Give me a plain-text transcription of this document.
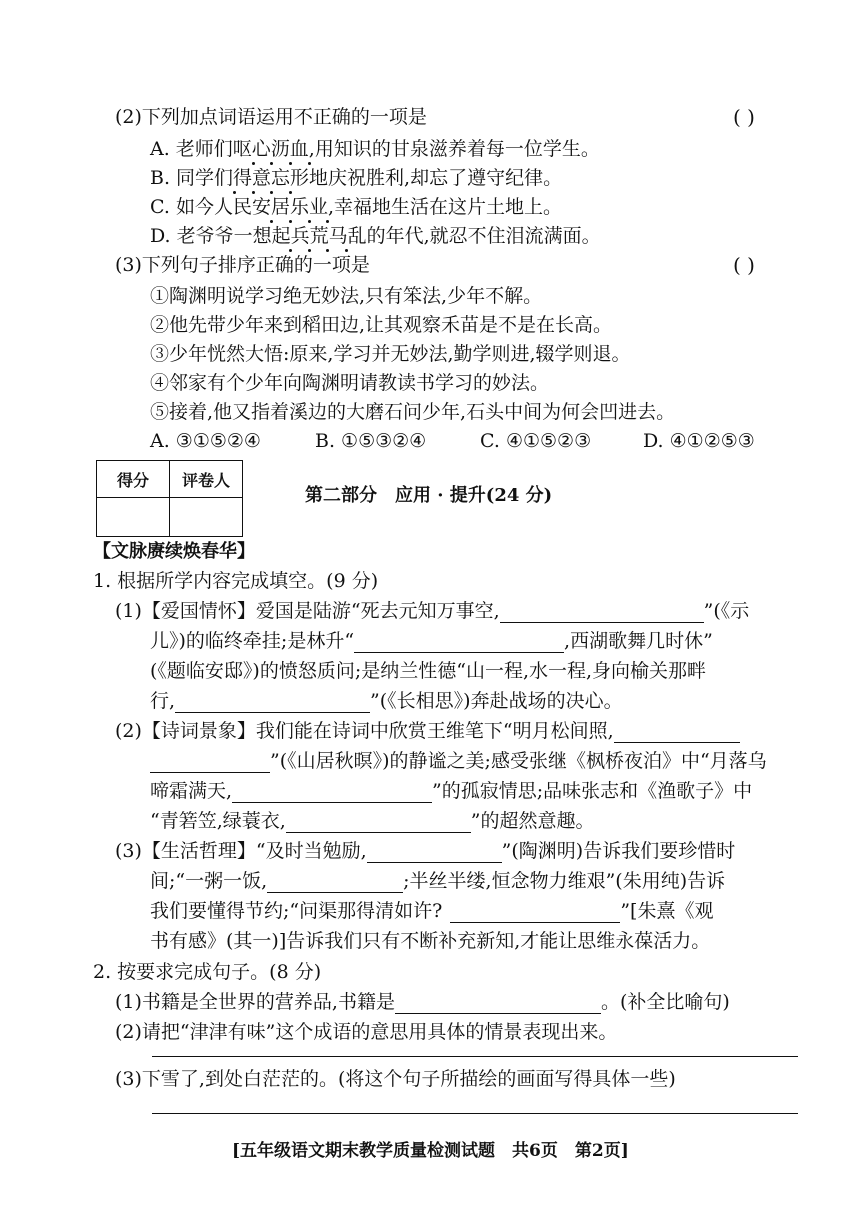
(2)下列加点词语运用不正确的一项是	( )
A. 老师们呕心沥血,用知识的甘泉滋养着每一位学生。
B. 同学们得意忘形地庆祝胜利,却忘了遵守纪律。
C. 如今人民安居乐业,幸福地生活在这片土地上。
D. 老爷爷一想起兵荒马乱的年代,就忍不住泪流满面。
(3)下列句子排序正确的一项是	( )
①陶渊明说学习绝无妙法,只有笨法,少年不解。
②他先带少年来到稻田边,让其观察禾苗是不是在长高。
③少年恍然大悟:原来,学习并无妙法,勤学则进,辍学则退。
④邻家有个少年向陶渊明请教读书学习的妙法。
⑤接着,他又指着溪边的大磨石问少年,石头中间为何会凹进去。
A. ③①⑤②④	B. ①⑤③②④	C. ④①⑤②③	D. ④①②⑤③
得分	评卷人

第二部分　应用 · 提升(24 分)
【文脉赓续焕春华】
1. 根据所学内容完成填空。(9 分)
(1)【爱国情怀】爱国是陆游“死去元知万事空,	”(《示
儿》)的临终牵挂;是林升“	,西湖歌舞几时休”
(《题临安邸》)的愤怒质问;是纳兰性德“山一程,水一程,身向榆关那畔
行,	”(《长相思》)奔赴战场的决心。
(2)【诗词景象】我们能在诗词中欣赏王维笔下“明月松间照,
”(《山居秋暝》)的静谧之美;感受张继《枫桥夜泊》中“月落乌
啼霜满天,	”的孤寂情思;品味张志和《渔歌子》中
“青箬笠,绿蓑衣,	”的超然意趣。
(3)【生活哲理】“及时当勉励,	”(陶渊明)告诉我们要珍惜时
间;“一粥一饭,	;半丝半缕,恒念物力维艰”(朱用纯)告诉
我们要懂得节约;“问渠那得清如许?	”[朱熹《观
书有感》(其一)]告诉我们只有不断补充新知,才能让思维永葆活力。
2. 按要求完成句子。(8 分)
(1)书籍是全世界的营养品,书籍是	。(补全比喻句)
(2)请把“津津有味”这个成语的意思用具体的情景表现出来。
(3)下雪了,到处白茫茫的。(将这个句子所描绘的画面写得具体一些)
[五年级语文期末教学质量检测试题　共6页　第2页]
